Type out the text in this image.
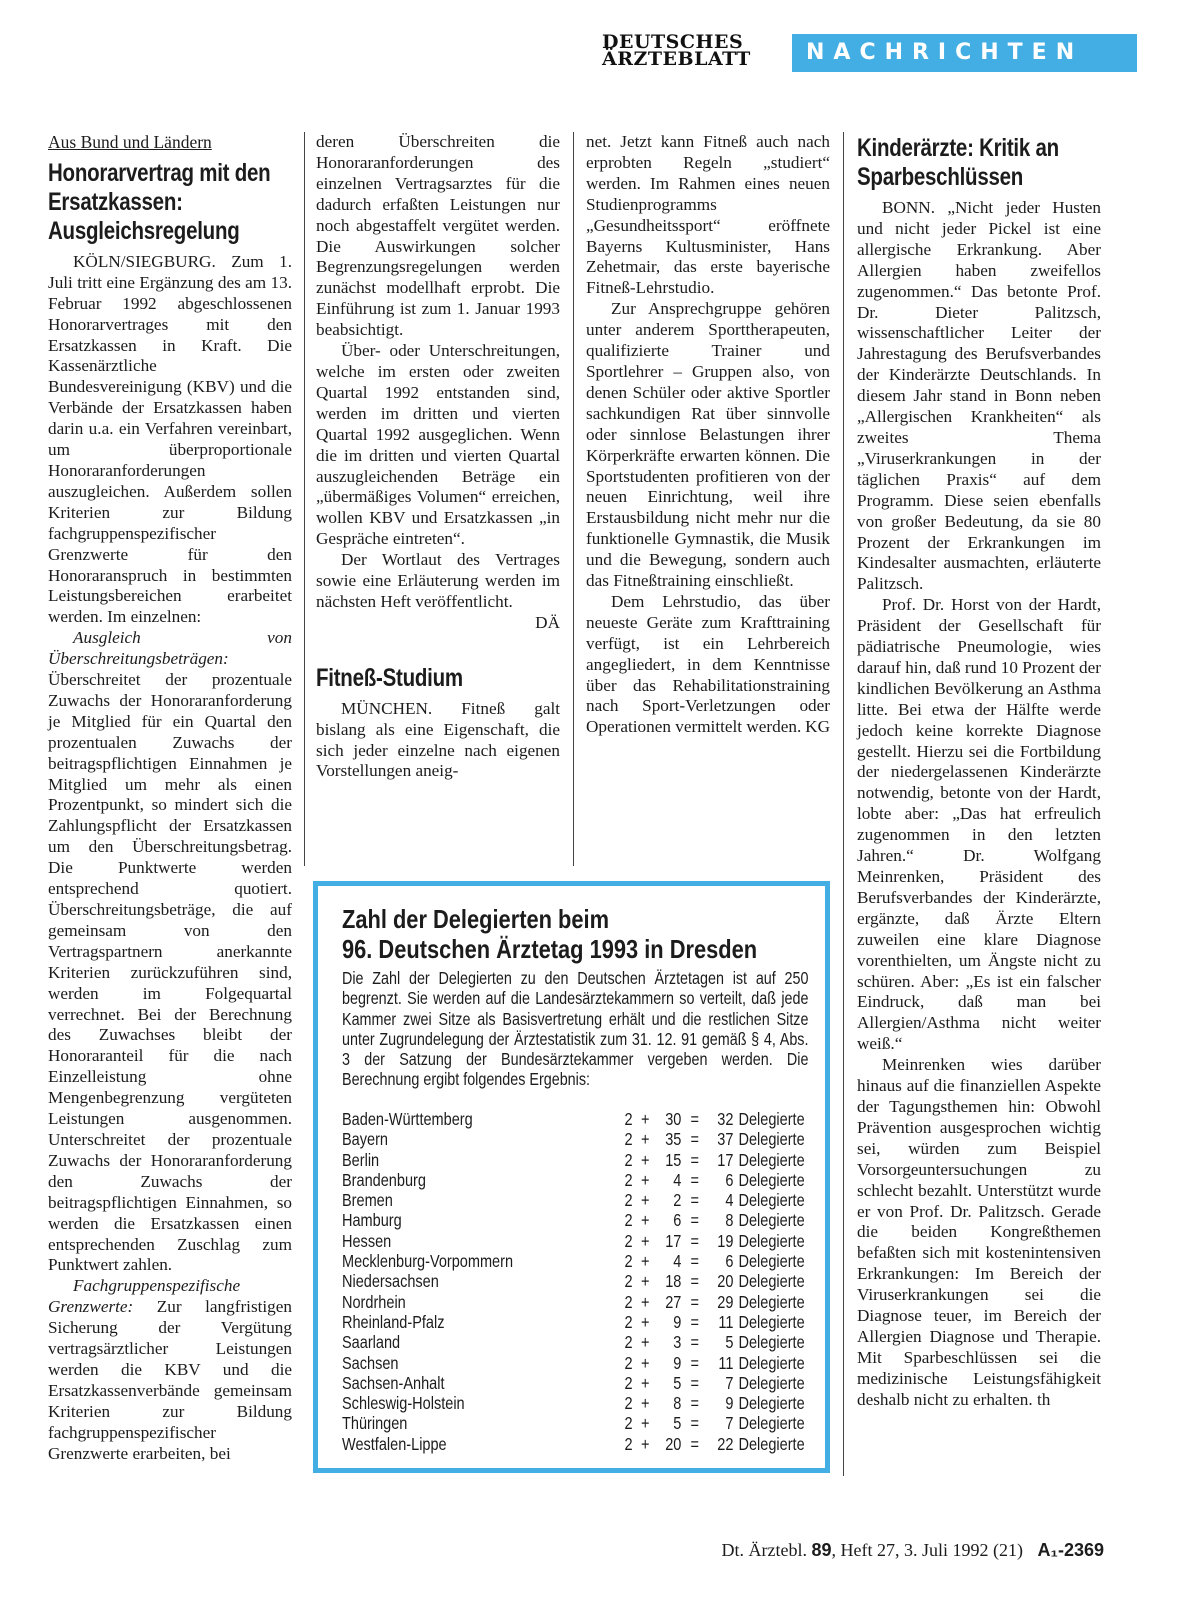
DEUTSCHES
ÄRZTEBLATT	NACHRICHTEN
Aus Bund und Ländern
Honorarvertrag mit den Ersatzkassen: Ausgleichsregelung

KÖLN/SIEGBURG. Zum 1. Juli tritt eine Ergänzung des am 13. Februar 1992 abgeschlossenen Honorarvertrages mit den Ersatzkassen in Kraft. Die Kassenärztliche Bundesvereinigung (KBV) und die Verbände der Ersatzkassen haben darin u.a. ein Verfahren vereinbart, um überproportionale Honoraranforderungen auszugleichen. Außerdem sollen Kriterien zur Bildung fachgruppenspezifischer Grenzwerte für den Honoraranspruch in bestimmten Leistungsbereichen erarbeitet werden. Im einzelnen:

Ausgleich von Überschreitungsbeträgen: Überschreitet der prozentuale Zuwachs der Honoraranforderung je Mitglied für ein Quartal den prozentualen Zuwachs der beitragspflichtigen Einnahmen je Mitglied um mehr als einen Prozentpunkt, so mindert sich die Zahlungspflicht der Ersatzkassen um den Überschreitungsbetrag. Die Punktwerte werden entsprechend quotiert. Überschreitungsbeträge, die auf gemeinsam von den Vertragspartnern anerkannte Kriterien zurückzuführen sind, werden im Folgequartal verrechnet. Bei der Berechnung des Zuwachses bleibt der Honoraranteil für die nach Einzelleistung ohne Mengenbegrenzung vergüteten Leistungen ausgenommen. Unterschreitet der prozentuale Zuwachs der Honoraranforderung den Zuwachs der beitragspflichtigen Einnahmen, so werden die Ersatzkassen einen entsprechenden Zuschlag zum Punktwert zahlen.

Fachgruppenspezifische Grenzwerte: Zur langfristigen Sicherung der Vergütung vertragsärztlicher Leistungen werden die KBV und die Ersatzkassenverbände gemeinsam Kriterien zur Bildung fachgruppenspezifischer Grenzwerte erarbeiten, bei

deren Überschreiten die Honoraranforderungen des einzelnen Vertragsarztes für die dadurch erfaßten Leistungen nur noch abgestaffelt vergütet werden. Die Auswirkungen solcher Begrenzungsregelungen werden zunächst modellhaft erprobt. Die Einführung ist zum 1. Januar 1993 beabsichtigt.

Über- oder Unterschreitungen, welche im ersten oder zweiten Quartal 1992 entstanden sind, werden im dritten und vierten Quartal 1992 ausgeglichen. Wenn die im dritten und vierten Quartal auszugleichenden Beträge ein „übermäßiges Volumen“ erreichen, wollen KBV und Ersatzkassen „in Gespräche eintreten“.

Der Wortlaut des Vertrages sowie eine Erläuterung werden im nächsten Heft veröffentlicht.

DÄ
Fitneß-Studium

MÜNCHEN. Fitneß galt bislang als eine Eigenschaft, die sich jeder einzelne nach eigenen Vorstellungen aneig-

net. Jetzt kann Fitneß auch nach erprobten Regeln „studiert“ werden. Im Rahmen eines neuen Studienprogramms „Gesundheitssport“ eröffnete Bayerns Kultusminister, Hans Zehetmair, das erste bayerische Fitneß-Lehrstudio.

Zur Ansprechgruppe gehören unter anderem Sporttherapeuten, qualifizierte Trainer und Sportlehrer – Gruppen also, von denen Schüler oder aktive Sportler sachkundigen Rat über sinnvolle oder sinnlose Belastungen ihrer Körperkräfte erwarten können. Die Sportstudenten profitieren von der neuen Einrichtung, weil ihre Erstausbildung nicht mehr nur die funktionelle Gymnastik, die Musik und die Bewegung, sondern auch das Fitneßtraining einschließt.

Dem Lehrstudio, das über neueste Geräte zum Krafttraining verfügt, ist ein Lehrbereich angegliedert, in dem Kenntnisse über das Rehabilitationstraining nach Sport-Verletzungen oder Operationen vermittelt werden. KG
Kinderärzte: Kritik an Sparbeschlüssen

BONN. „Nicht jeder Husten und nicht jeder Pickel ist eine allergische Erkrankung. Aber Allergien haben zweifellos zugenommen.“ Das betonte Prof. Dr. Dieter Palitzsch, wissenschaftlicher Leiter der Jahrestagung des Berufsverbandes der Kinderärzte Deutschlands. In diesem Jahr stand in Bonn neben „Allergischen Krankheiten“ als zweites Thema „Viruserkrankungen in der täglichen Praxis“ auf dem Programm. Diese seien ebenfalls von großer Bedeutung, da sie 80 Prozent der Erkrankungen im Kindesalter ausmachten, erläuterte Palitzsch.

Prof. Dr. Horst von der Hardt, Präsident der Gesellschaft für pädiatrische Pneumologie, wies darauf hin, daß rund 10 Prozent der kindlichen Bevölkerung an Asthma litte. Bei etwa der Hälfte werde jedoch keine korrekte Diagnose gestellt. Hierzu sei die Fortbildung der niedergelassenen Kinderärzte notwendig, betonte von der Hardt, lobte aber: „Das hat erfreulich zugenommen in den letzten Jahren.“ Dr. Wolfgang Meinrenken, Präsident des Berufsverbandes der Kinderärzte, ergänzte, daß Ärzte Eltern zuweilen eine klare Diagnose vorenthielten, um Ängste nicht zu schüren. Aber: „Es ist ein falscher Eindruck, daß man bei Allergien/Asthma nicht weiter weiß.“

Meinrenken wies darüber hinaus auf die finanziellen Aspekte der Tagungsthemen hin: Obwohl Prävention ausgesprochen wichtig sei, würden zum Beispiel Vorsorgeuntersuchungen zu schlecht bezahlt. Unterstützt wurde er von Prof. Dr. Palitzsch. Gerade die beiden Kongreßthemen befaßten sich mit kostenintensiven Erkrankungen: Im Bereich der Viruserkrankungen sei die Diagnose teuer, im Bereich der Allergien Diagnose und Therapie. Mit Sparbeschlüssen sei die medizinische Leistungsfähigkeit deshalb nicht zu erhalten. th

Zahl der Delegierten beim
96. Deutschen Ärztetag 1993 in Dresden
Die Zahl der Delegierten zu den Deutschen Ärztetagen ist auf 250 begrenzt. Sie werden auf die Landesärztekammern so verteilt, daß jede Kammer zwei Sitze als Basisvertretung erhält und die restlichen Sitze unter Zugrundelegung der Ärztestatistik zum 31. 12. 91 gemäß § 4, Abs. 3 der Satzung der Bundesärztekammer vergeben werden. Die Berechnung ergibt folgendes Ergebnis:
Baden-Württemberg	2 + 30 =	32 Delegierte
Bayern	2 + 35 =	37 Delegierte
Berlin	2 + 15 =	17 Delegierte
Brandenburg	2 +	4 =	6 Delegierte
Bremen	2 +	2 =	4 Delegierte
Hamburg	2 +	6 =	8 Delegierte
Hessen	2 + 17 =	19 Delegierte
Mecklenburg-Vorpommern	2 +	4 =	6 Delegierte
Niedersachsen	2 + 18 =	20 Delegierte
Nordrhein	2 + 27 =	29 Delegierte
Rheinland-Pfalz	2 +	9 =	11 Delegierte
Saarland	2 +	3 =	5 Delegierte
Sachsen	2 +	9 =	11 Delegierte
Sachsen-Anhalt	2 +	5 =	7 Delegierte
Schleswig-Holstein	2 +	8 =	9 Delegierte
Thüringen	2 +	5 =	7 Delegierte
Westfalen-Lippe	2 + 20 =	22 Delegierte
Dt. Ärztebl. 89, Heft 27, 3. Juli 1992 (21) A₁-2369
